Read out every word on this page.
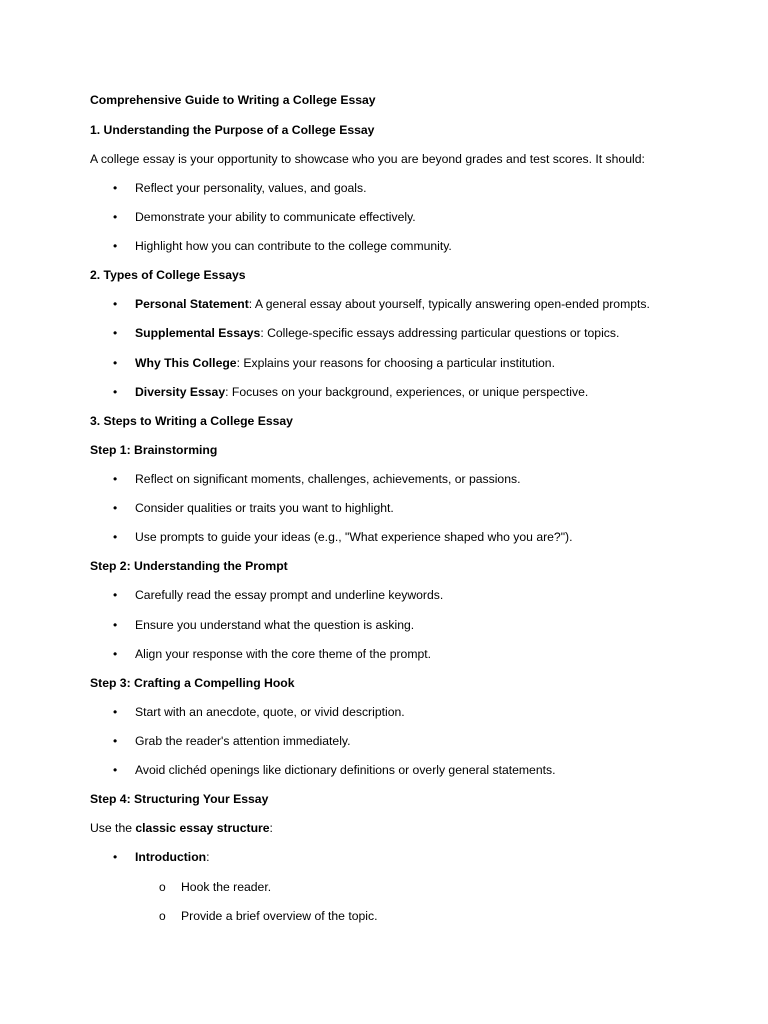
Comprehensive Guide to Writing a College Essay
1. Understanding the Purpose of a College Essay
A college essay is your opportunity to showcase who you are beyond grades and test scores. It should:
•	Reflect your personality, values, and goals.
•	Demonstrate your ability to communicate effectively.
•	Highlight how you can contribute to the college community.
2. Types of College Essays
•	Personal Statement: A general essay about yourself, typically answering open-ended prompts.
•	Supplemental Essays: College-specific essays addressing particular questions or topics.
•	Why This College: Explains your reasons for choosing a particular institution.
•	Diversity Essay: Focuses on your background, experiences, or unique perspective.
3. Steps to Writing a College Essay
Step 1: Brainstorming
•	Reflect on significant moments, challenges, achievements, or passions.
•	Consider qualities or traits you want to highlight.
•	Use prompts to guide your ideas (e.g., "What experience shaped who you are?").
Step 2: Understanding the Prompt
•	Carefully read the essay prompt and underline keywords.
•	Ensure you understand what the question is asking.
•	Align your response with the core theme of the prompt.
Step 3: Crafting a Compelling Hook
•	Start with an anecdote, quote, or vivid description.
•	Grab the reader's attention immediately.
•	Avoid clichéd openings like dictionary definitions or overly general statements.
Step 4: Structuring Your Essay
Use the classic essay structure:
•	Introduction:
o Hook the reader.
o Provide a brief overview of the topic.
